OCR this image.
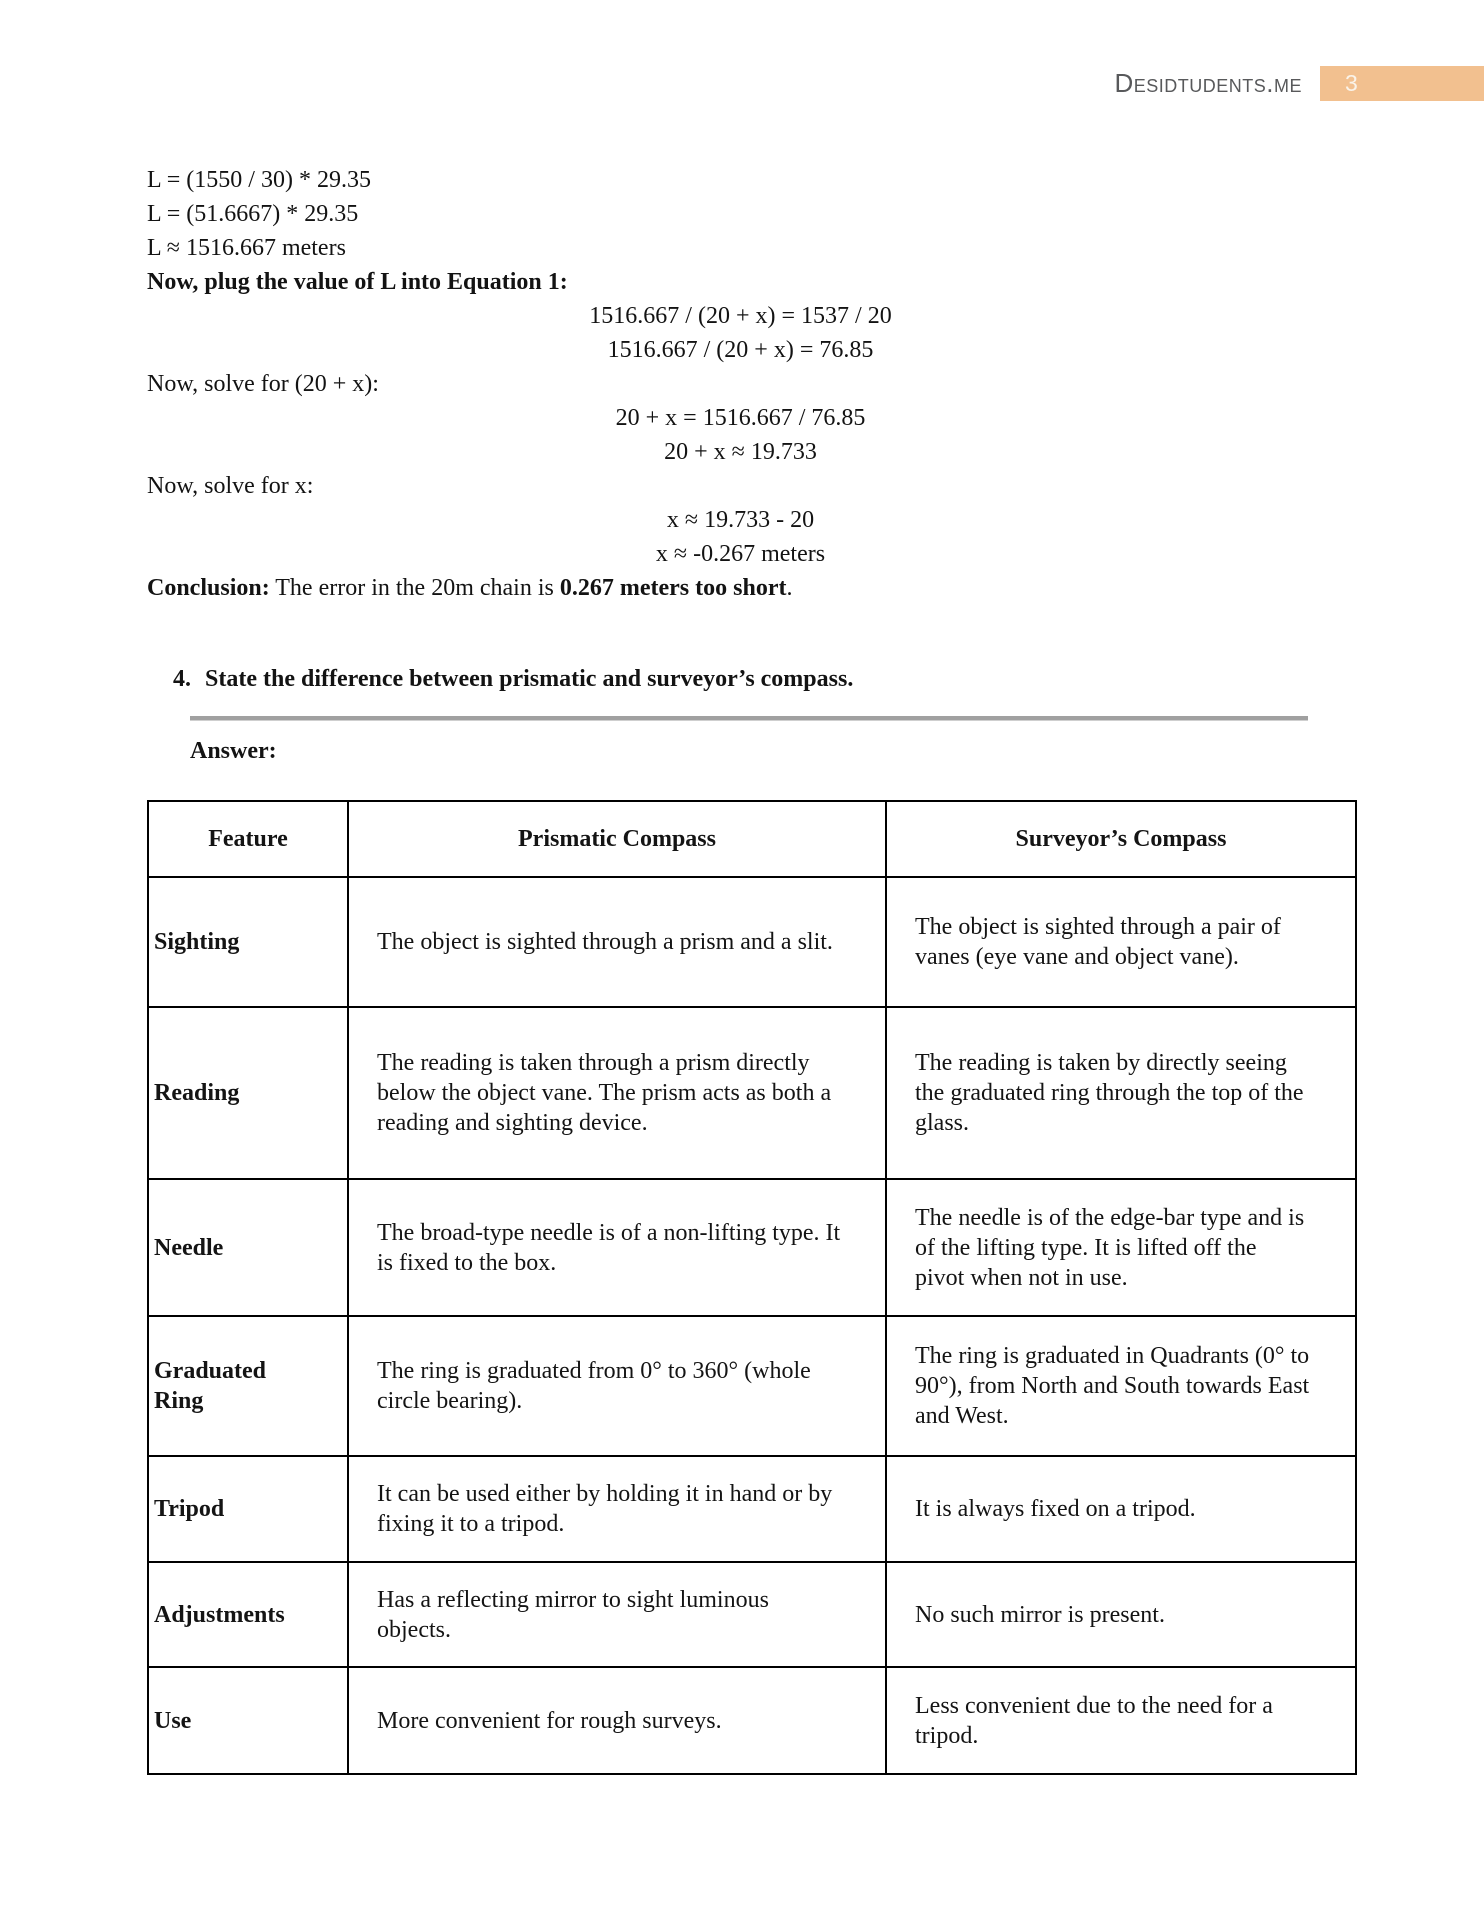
Desidtudents.me 3
L = (1550 / 30) * 29.35
L = (51.6667) * 29.35
L ≈ 1516.667 meters
Now, plug the value of L into Equation 1:
1516.667 / (20 + x) = 1537 / 20
1516.667 / (20 + x) = 76.85
Now, solve for (20 + x):
20 + x = 1516.667 / 76.85
20 + x ≈ 19.733
Now, solve for x:
x ≈ 19.733 - 20
x ≈ -0.267 meters
Conclusion: The error in the 20m chain is 0.267 meters too short.
4. State the difference between prismatic and surveyor’s compass.
Answer:
Feature	Prismatic Compass	Surveyor’s Compass
Sighting	The object is sighted through a prism and a slit.	The object is sighted through a pair of vanes (eye vane and object vane).
Reading	The reading is taken through a prism directly below the object vane. The prism acts as both a reading and sighting device.	The reading is taken by directly seeing the graduated ring through the top of the glass.
Needle	The broad-type needle is of a non-lifting type. It is fixed to the box.	The needle is of the edge-bar type and is of the lifting type. It is lifted off the pivot when not in use.
Graduated Ring	The ring is graduated from 0° to 360° (whole circle bearing).	The ring is graduated in Quadrants (0° to 90°), from North and South towards East and West.
Tripod	It can be used either by holding it in hand or by fixing it to a tripod.	It is always fixed on a tripod.
Adjustments	Has a reflecting mirror to sight luminous objects.	No such mirror is present.
Use	More convenient for rough surveys.	Less convenient due to the need for a tripod.
